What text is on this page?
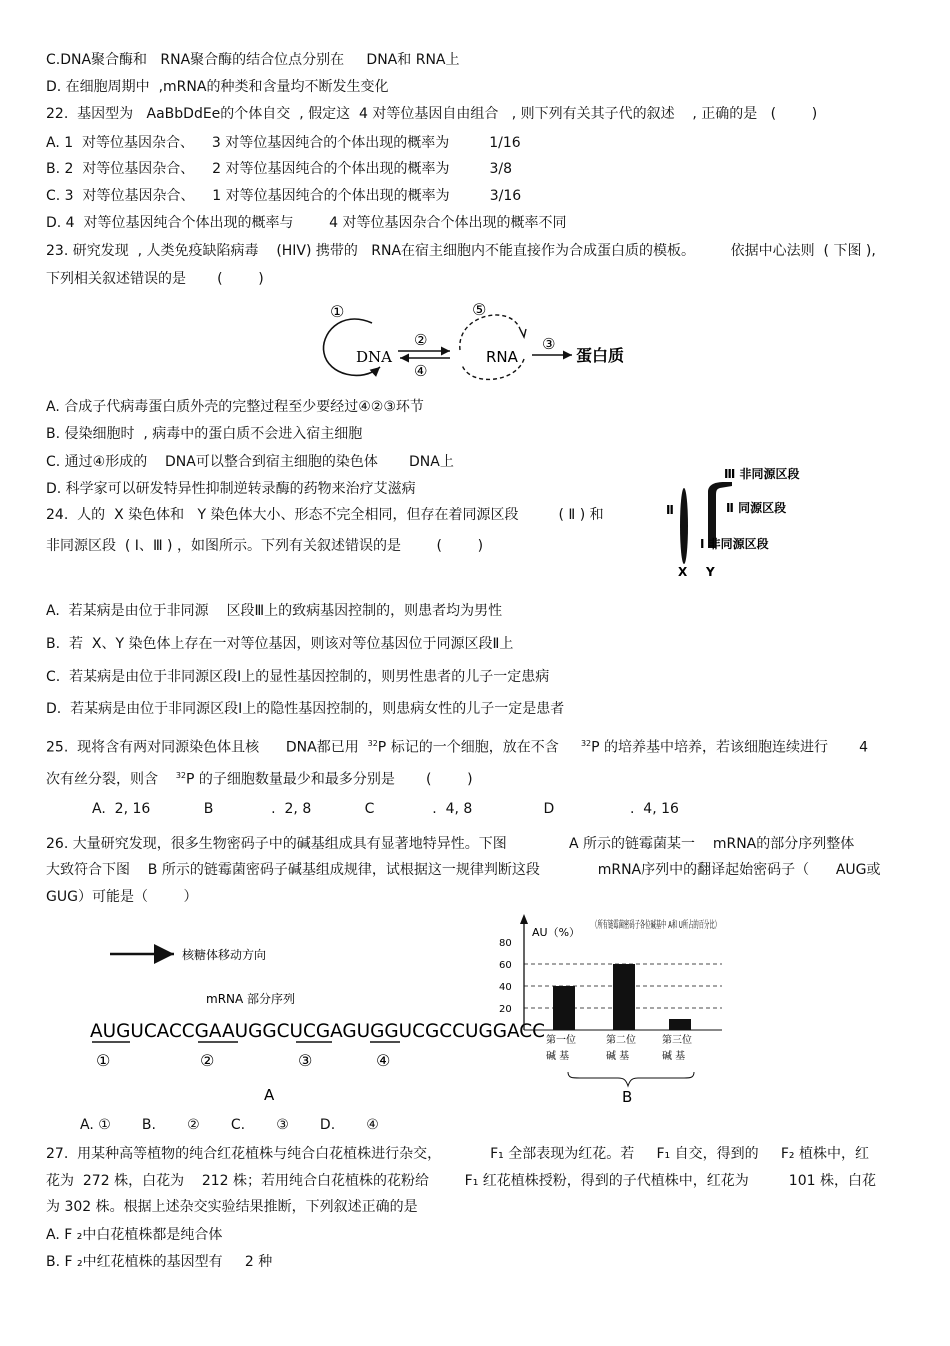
C.DNA聚合酶和   RNA聚合酶的结合位点分别在     DNA和 RNA上
D. 在细胞周期中  ,mRNA的种类和含量均不断发生变化
22.  基因型为   AaBbDdEe的个体自交  , 假定这  4 对等位基因自由组合   , 则下列有关其子代的叙述    , 正确的是   (        )
A. 1  对等位基因杂合、    3 对等位基因纯合的个体出现的概率为         1/16
B. 2  对等位基因杂合、    2 对等位基因纯合的个体出现的概率为         3/8
C. 3  对等位基因杂合、    1 对等位基因纯合的个体出现的概率为         3/16
D. 4  对等位基因纯合个体出现的概率与        4 对等位基因杂合个体出现的概率不同
23. 研究发现  , 人类免疫缺陷病毒    (HIV) 携带的   RNA在宿主细胞内不能直接作为合成蛋白质的模板。        依据中心法则  ( 下图 ),
下列相关叙述错误的是       (        )
①
DNA
②
④
⑤
RNA
③
蛋白质
A. 合成子代病毒蛋白质外壳的完整过程至少要经过④②③环节
B. 侵染细胞时  , 病毒中的蛋白质不会进入宿主细胞
C. 通过④形成的    DNA可以整合到宿主细胞的染色体       DNA上
D. 科学家可以研发特异性抑制逆转录酶的药物来治疗艾滋病
24.  人的  X 染色体和   Y 染色体大小、形态不完全相同，但存在着同源区段         ( Ⅱ ) 和
非同源区段  ( Ⅰ、Ⅲ ) ，如图所示。下列有关叙述错误的是        (        )
Ⅱ
Ⅲ 非同源区段
Ⅱ 同源区段
Ⅰ 非同源区段
X Y
A.  若某病是由位于非同源    区段Ⅲ上的致病基因控制的，则患者均为男性
B.  若  X、Y 染色体上存在一对等位基因，则该对等位基因位于同源区段Ⅱ上
C.  若某病是由位于非同源区段Ⅰ上的显性基因控制的，则男性患者的儿子一定患病
D.  若某病是由位于非同源区段Ⅰ上的隐性基因控制的，则患病女性的儿子一定是患者
25.  现将含有两对同源染色体且核      DNA都已用  $^{32}$P 标记的一个细胞，放在不含     $^{32}$P 的培养基中培养，若该细胞连续进行       4
次有丝分裂，则含    $^{32}$P 的子细胞数量最少和最多分别是       (        )
A.  2, 16            B             .  2, 8            C             .  4, 8                D                 .  4, 16
26. 大量研究发现，很多生物密码子中的碱基组成具有显著地特异性。下图              A 所示的链霉菌某一    mRNA的部分序列整体
大致符合下图    B 所示的链霉菌密码子碱基组成规律，试根据这一规律判断这段             mRNA序列中的翻译起始密码子（      AUG或
GUG）可能是（        ）
核糖体移动方向
mRNA 部分序列
AUGUCACCGAAUGGCUCGAGUGGUCGCCUGGACC
①	②	③	④
A
AU（%）
（所有链霉菌密码子各位碱基中 A和 U所占的百分比）
20
40
60
80
第一位
碱 基
第二位
碱 基
第三位
碱 基
B
A. ①       B.       ②       C.       ③       D.       ④
27.  用某种高等植物的纯合红花植株与纯合白花植株进行杂交，           F₁ 全部表现为红花。若     F₁ 自交，得到的     F₂ 植株中，红
花为  272 株，白花为    212 株；若用纯合白花植株的花粉给        F₁ 红花植株授粉，得到的子代植株中，红花为         101 株，白花
为 302 株。根据上述杂交实验结果推断，下列叙述正确的是
A. F ₂中白花植株都是纯合体
B. F ₂中红花植株的基因型有     2 种
